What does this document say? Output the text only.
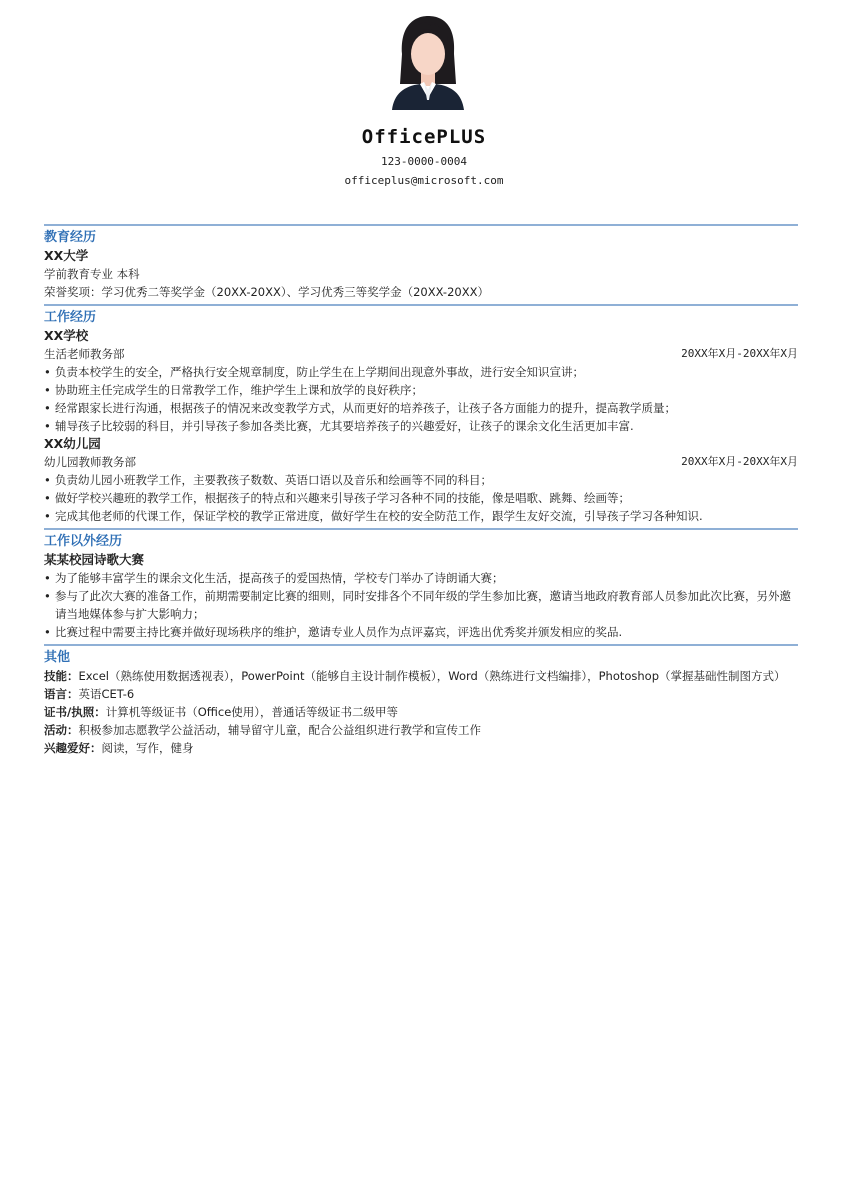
OfficePLUS
123-0000-0004
officeplus@microsoft.com
教育经历
XX大学
学前教育专业 本科
荣誉奖项：学习优秀二等奖学金（20XX-20XX）、学习优秀三等奖学金（20XX-20XX）
工作经历
XX学校
生活老师教务部	20XX年X月-20XX年X月
• 负责本校学生的安全，严格执行安全规章制度，防止学生在上学期间出现意外事故，进行安全知识宣讲；
• 协助班主任完成学生的日常教学工作，维护学生上课和放学的良好秩序；
• 经常跟家长进行沟通，根据孩子的情况来改变教学方式，从而更好的培养孩子，让孩子各方面能力的提升，提高教学质量；
• 辅导孩子比较弱的科目，并引导孩子参加各类比赛，尤其要培养孩子的兴趣爱好，让孩子的课余文化生活更加丰富.
XX幼儿园
幼儿园教师教务部	20XX年X月-20XX年X月
• 负责幼儿园小班教学工作，主要教孩子数数、英语口语以及音乐和绘画等不同的科目；
• 做好学校兴趣班的教学工作，根据孩子的特点和兴趣来引导孩子学习各种不同的技能，像是唱歌、跳舞、绘画等；
• 完成其他老师的代课工作，保证学校的教学正常进度，做好学生在校的安全防范工作，跟学生友好交流，引导孩子学习各种知识.
工作以外经历
某某校园诗歌大赛
• 为了能够丰富学生的课余文化生活，提高孩子的爱国热情，学校专门举办了诗朗诵大赛；
• 参与了此次大赛的准备工作，前期需要制定比赛的细则，同时安排各个不同年级的学生参加比赛，邀请当地政府教育部人员参加此次比赛，另外邀请当地媒体参与扩大影响力；
• 比赛过程中需要主持比赛并做好现场秩序的维护，邀请专业人员作为点评嘉宾，评选出优秀奖并颁发相应的奖品.
其他
技能：Excel（熟练使用数据透视表），PowerPoint（能够自主设计制作模板），Word（熟练进行文档编排），Photoshop（掌握基础性制图方式）
语言：英语CET-6
证书/执照：计算机等级证书（Office使用），普通话等级证书二级甲等
活动：积极参加志愿教学公益活动，辅导留守儿童，配合公益组织进行教学和宣传工作
兴趣爱好：阅读，写作，健身
